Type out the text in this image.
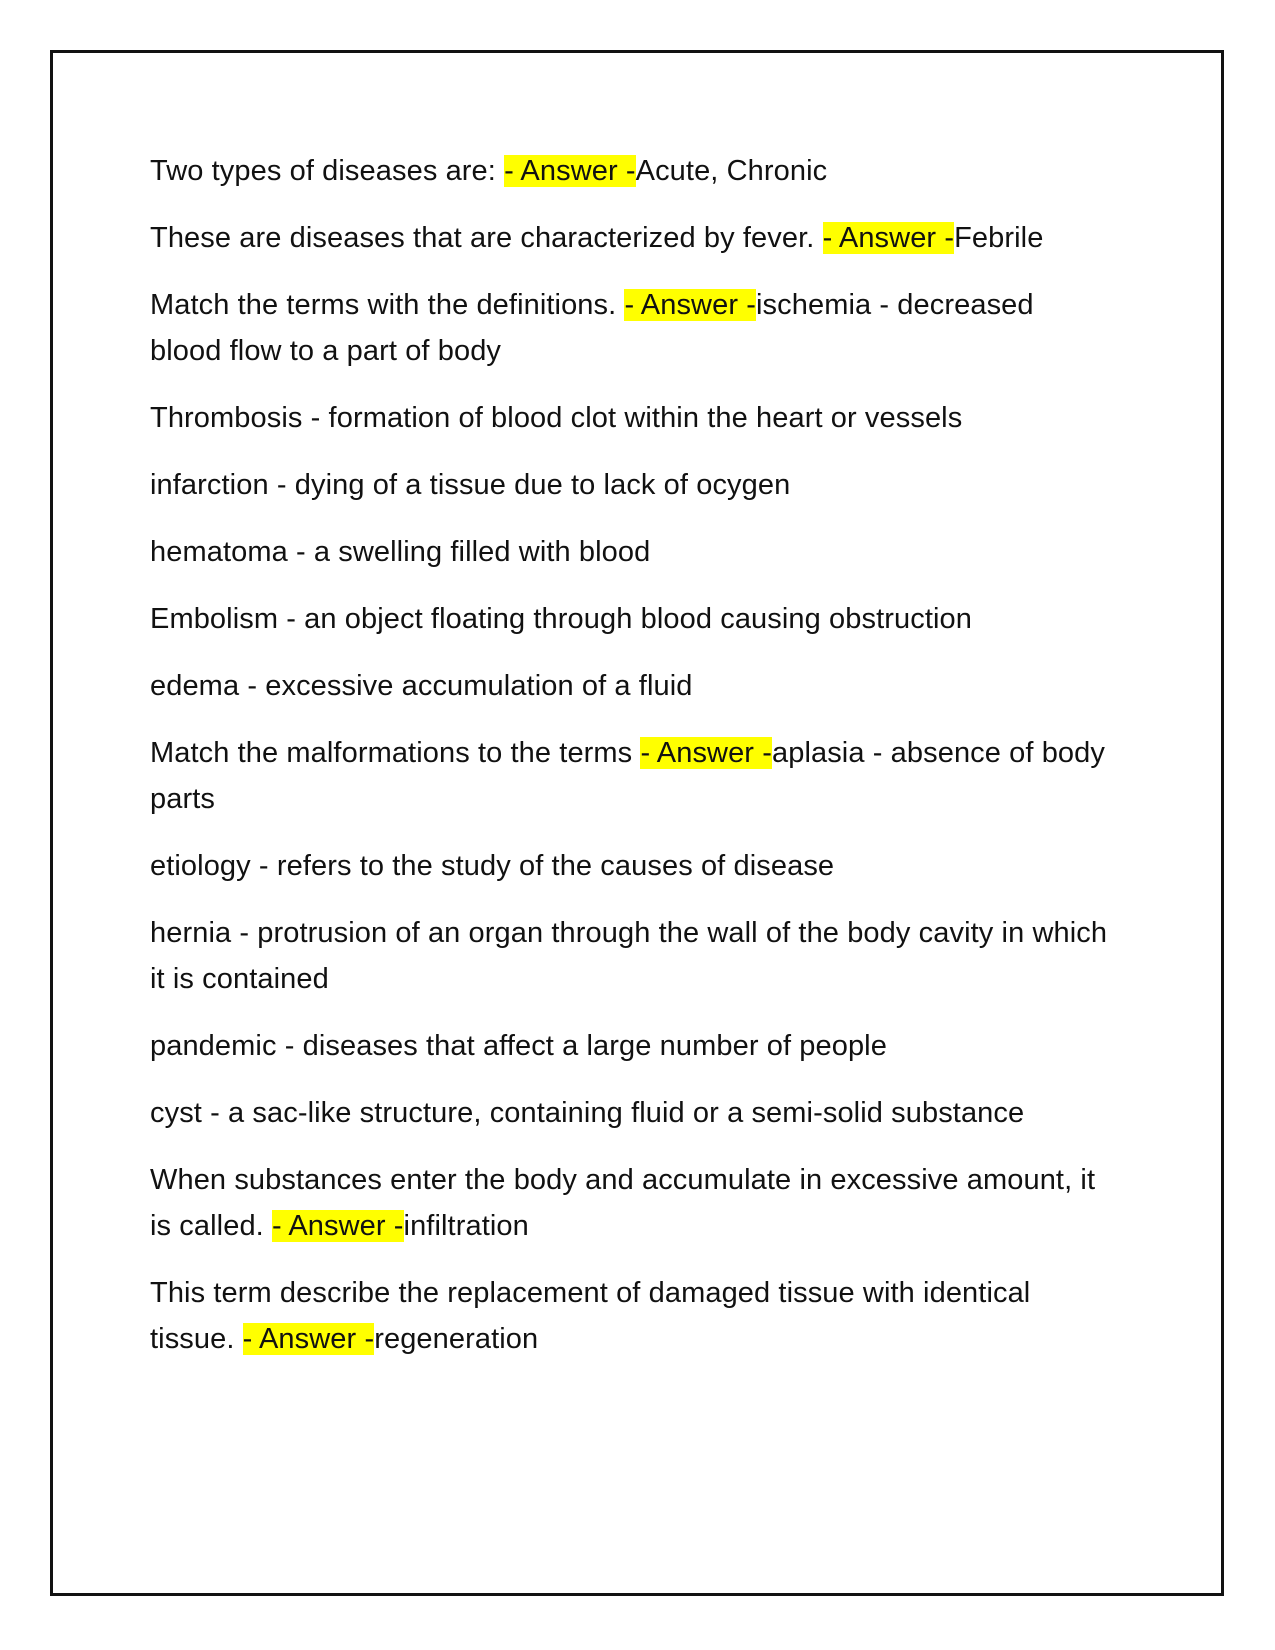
Two types of diseases are: - Answer -Acute, Chronic

These are diseases that are characterized by fever. - Answer -Febrile

Match the terms with the definitions. - Answer -ischemia - decreased blood flow to a part of body

Thrombosis - formation of blood clot within the heart or vessels

infarction - dying of a tissue due to lack of ocygen

hematoma - a swelling filled with blood

Embolism - an object floating through blood causing obstruction

edema - excessive accumulation of a fluid

Match the malformations to the terms - Answer -aplasia - absence of body parts

etiology - refers to the study of the causes of disease

hernia - protrusion of an organ through the wall of the body cavity in which it is contained

pandemic - diseases that affect a large number of people

cyst - a sac-like structure, containing fluid or a semi-solid substance

When substances enter the body and accumulate in excessive amount, it is called. - Answer -infiltration

This term describe the replacement of damaged tissue with identical tissue. - Answer -regeneration
